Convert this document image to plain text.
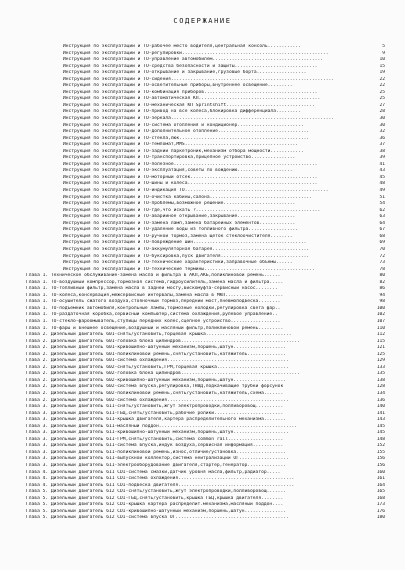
СОДЕРЖАНИЕ
Инструкция по эксплуатации и ТО-рабочее место водителя,центральная консоль............	5
Инструкция по эксплуатации и ТО-регулировки.....................................................	9
Инструкция по эксплуатации и ТО-управление автомобилем........................................	10
Инструкция по эксплуатации и ТО-средства безопасности и защиты..............................	15
Инструкция по эксплуатации и ТО-открывание и закрывание,грузовые борта..................	19
Инструкция по эксплуатации и ТО-сидения...........................................................	22
Инструкция по эксплуатации и ТО-осветительные приборы,внутреннее освещение.........	22
Инструкция по эксплуатации и ТО-комбинация приборов.........................................	25
Инструкция по эксплуатации и ТО-автоматическая КП............................................	25
Инструкция по эксплуатации и ТО-механическая КП Sprintshift................................	27
Инструкция по эксплуатации и ТО-привод на все колеса,блокировка дифференциала.........	28
Инструкция по эксплуатации и ТО-зеркала...........................................................	30
Инструкция по эксплуатации и ТО-система отопления и кондиционер........................	30
Инструкция по эксплуатации и ТО-дополнительное отопление.................................	32
Инструкция по эксплуатации и ТО-стекла,люк...............................................	36
Инструкция по эксплуатации и ТО-темпомат,ММS.........................................	37
Инструкция по эксплуатации и ТО-задний паркетроник,механизм отбора мощности............	38
Инструкция по эксплуатации и ТО-транспортировка,прицепное устройство................	39
Инструкция по эксплуатации и ТО-полезное....................................................	41
Инструкция по эксплуатации и ТО-эксплуатация,советы по вождению....................	43
Инструкция по эксплуатации и ТО-моторный отсек..............................................	45
Инструкция по эксплуатации и ТО-шины и колеса...............................................	48
Инструкция по эксплуатации и ТО-индикация ТО....................................................	49
Инструкция по эксплуатации и ТО-очистка кабины,салона.....................................	51
Инструкция по эксплуатации и ТО-проблемы,возможное решение..........................	54
Инструкция по эксплуатации и ТО-где,что искать ?.............................................	62
Инструкция по эксплуатации и ТО-аварийное открывание,закрывание.....................	63
Инструкция по эксплуатации и ТО-замена ламп,замена батарейных элементов.............	64
Инструкция по эксплуатации и ТО-удаление воды из топливного фильтра..................	67
Инструкция по эксплуатации и ТО-ручной тормоз,замена щеток стеклоочистителя........	68
Инструкция по эксплуатации и ТО-повреждение шин.........................................	69
Инструкция по эксплуатации и ТО-аккумуляторная батарея...................................	70
Инструкция по эксплуатации и ТО-буксировка,пуск двигателя................................	72
Инструкция по эксплуатации и ТО-технические характеристики,заправочные объемы......	73
Инструкция по эксплуатации и ТО-технические термины........................................	78
Глава 1. Техническое обслуживание-замена масла и фильтра в АКП,АКБ,поликлиновой ремень......	80
Глава 1. ТО-воздушный компрессор,тормозная система,гидроусилитель,замена масла и фильтра.....	82
Глава 1. ТО-топливный фильтр,замена масла в задней мосту,вискомуфта-сервисный насос........	86
Глава 1. ТО-колеса,консервация,межсервисные интервалы,замена масла в МКП.....................	94
Глава 1. ТО-осушитель сжатого воздуха,стояночный тормоз,передний мост,пневмоподвеска........	98
Глава 1. ТО-подъемник автомобиля,контрольные лампы,тормозные колодки,регулировка света фар..	100
Глава 1. ТО-раздаточная коробка,сервисный компьютер,система охлаждения,рулевое управление..	102
Глава 1. ТО-стекло-фароомыватель,ступицы передних колес,сцепное устройство..................	107
Глава 1. ТО-фары и внешнее освещение,воздушный и масляный фильтр,поликлиновой ремень.........	110
Глава 2. Дизельный двигатель 601-снять/установить,торцевая крышка...............................	112
Глава 2. Дизельный двигатель 601-головка блока цилиндров...........................................	115
Глава 2. Дизельный двигатель 601-кривошипно-шатунный механизм,поршень,шатун...................	121
Глава 2. Дизельный двигатель 601-поликлиновой ремень,снять/установить,натяжитель..............	125
Глава 2. Дизельный двигатель 601-система охлаждения............................................	129
Глава 2. Дизельный двигатель 602-снять/установить,ГРМ,торцевая крышка..........................	133
Глава 2. Дизельный двигатель 602-головка блока цилиндров...........................................	135
Глава 2. Дизельный двигатель 602-кривошипно-шатунный механизм,поршень,шатун...................	138
Глава 2. Дизельный двигатель 602-система впуска,регулировка,ТНВД,подкачиващие трубки форсунок	128
Глава 2. Дизельный двигатель 602-поликлиновой ремень,снять/установить,натяжитель,схема.......	134
Глава 2. Дизельный двигатель 602-система охлаждения............................................	136
Глава 3. Дизельный двигатель 611-снять/установить,жгут электропроводки,полливоровощ..........	140
Глава 3. Дизельный двигатель 611-ГБЦ,снять/установить,рабочие ролики.........................	141
Глава 3. Дизельный двигатель 611-крышка двигателя,картера распределительного механизма........	143
Глава 3. Дизельный двигатель 611-масляный поддон..................................................	145
Глава 3. Дизельный двигатель 611-кривошипно-шатунный механизм,поршень,шатун....................	145
Глава 3. Дизельный двигатель 611-ГРМ,снять/установить,система common rail....................	148
Глава 3. Дизельный двигатель 611-система впуска,индук воздуха,сервисная информация...........	152
Глава 3. Дизельный двигатель 611-поликлиновой ремень,износ,отличие/установка..................	155
Глава 3. Дизельный двигатель 611-выпускной коллектор,система нейтрализации ОГ..................	156
Глава 3. Дизельный двигатель 611-электрооборудование двигателя,стартер,генератор..............	156
Глава 4. Дизельный двигатель 611 CDI-система смазки,датчик уровня масла,фильтр,радиатор.....	160
Глава 4. Дизельный двигатель 611 CDI-система охлаждения..........................................	161
Глава 4. Дизельный двигатель 611 CDI-подвеска двигателя..........................................	164
Глава 5. Дизельный двигатель 612 CDI-снять/установить,жгут электропроводки,полливоровощ.......	165
Глава 5. Дизельный двигатель 612 CDI-ГБЦ,снять/установить,крышка ГБЦ,крышка двигателя........	168
Глава 5. Дизельный двигатель 612 CDI-крышка картера распределит.механизма,масляный поддон....	173
Глава 5. Дизельный двигатель 612 CDI-кривошипно-шатунный механизм,поршень,шатун...............	176
Глава 5. Дизельный двигатель 612 CDI-система впуска ОГ.........................................	180
